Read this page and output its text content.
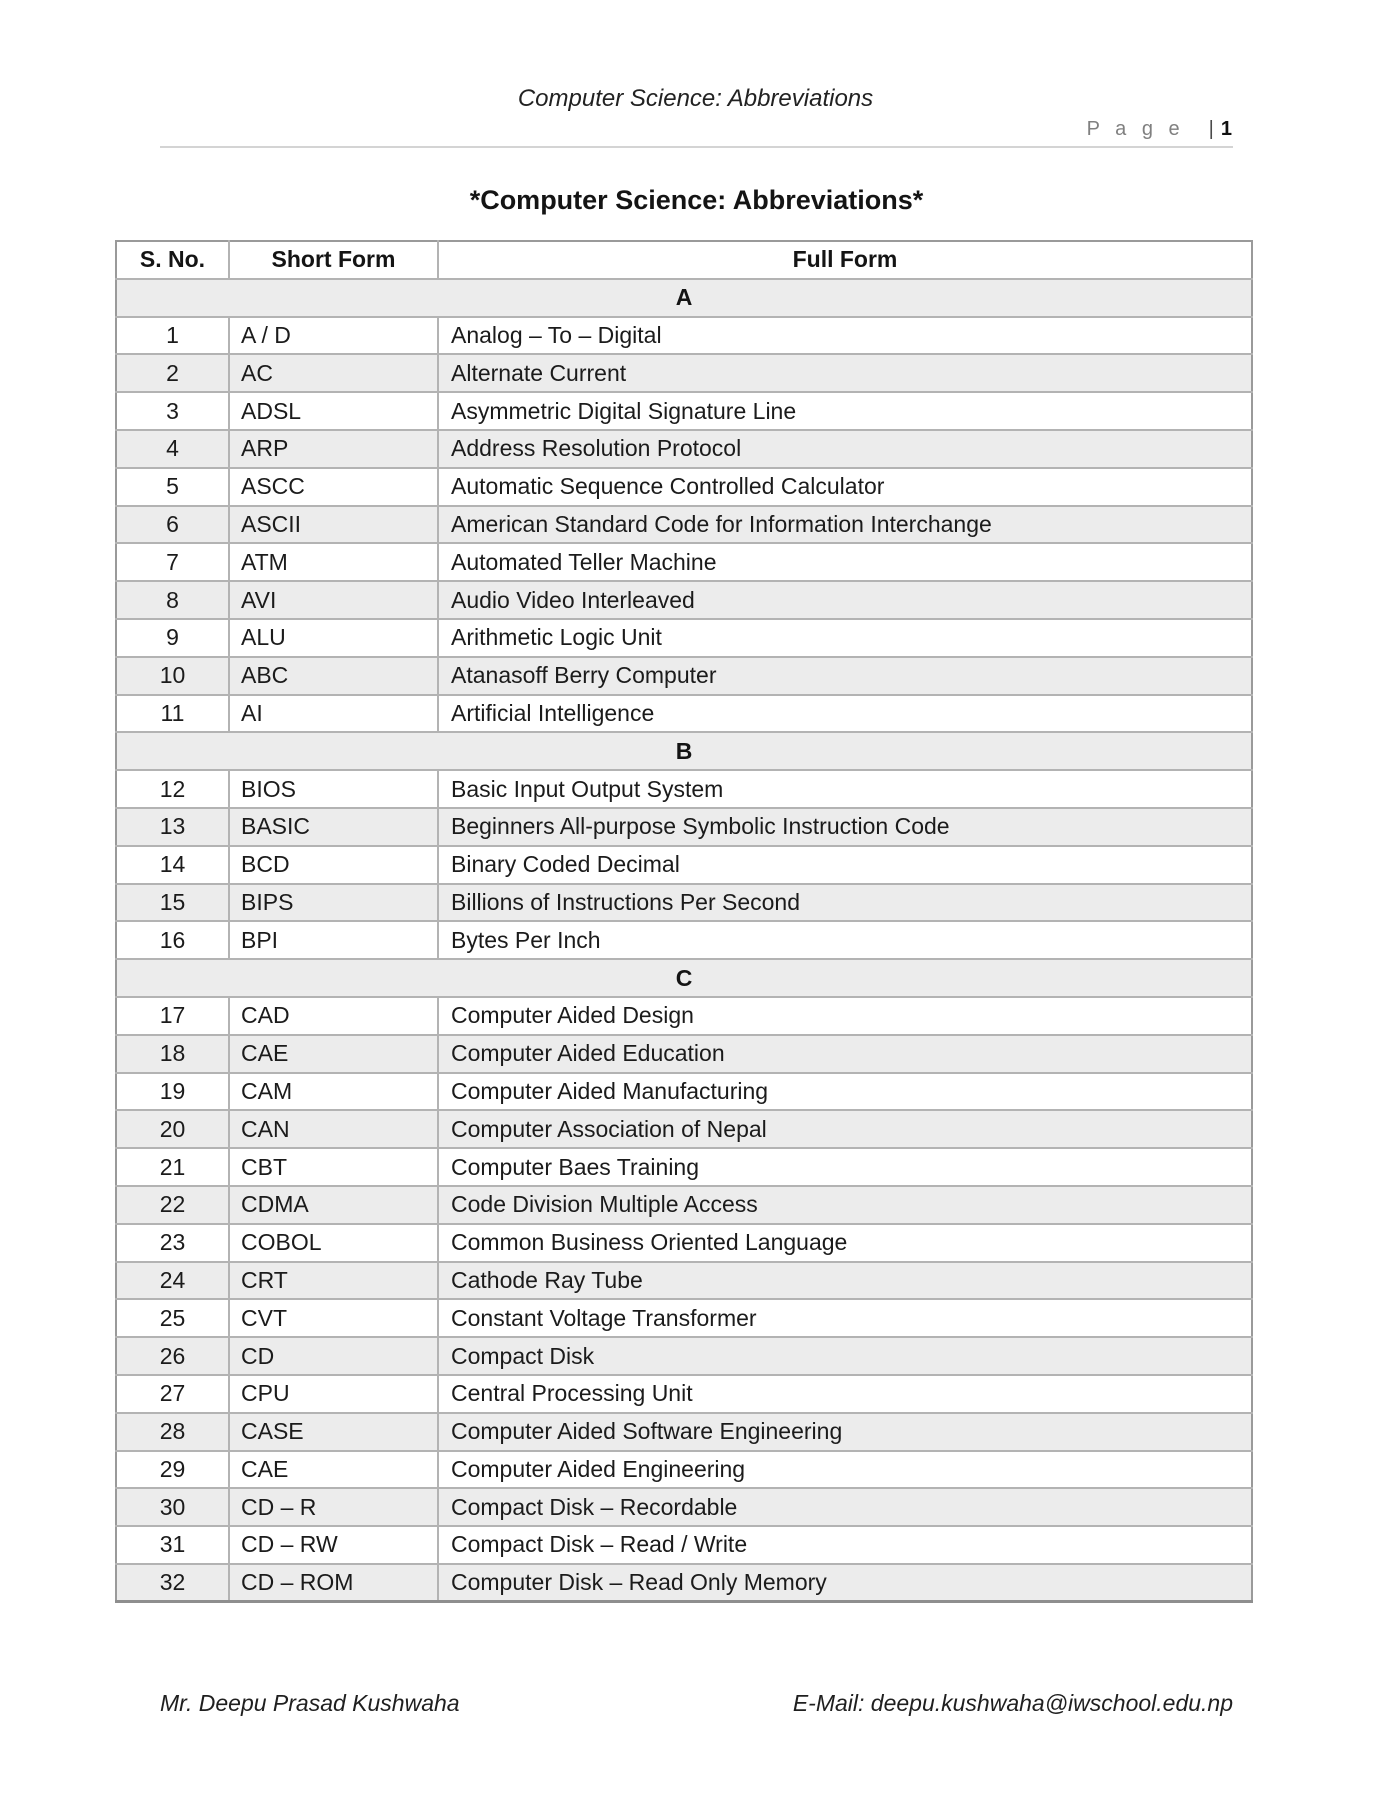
Computer Science: Abbreviations
P a g e | 1
*Computer Science: Abbreviations*
S. No.	Short Form	Full Form
A		
1	A / D	Analog – To – Digital
2	AC	Alternate Current
3	ADSL	Asymmetric Digital Signature Line
4	ARP	Address Resolution Protocol
5	ASCC	Automatic Sequence Controlled Calculator
6	ASCII	American Standard Code for Information Interchange
7	ATM	Automated Teller Machine
8	AVI	Audio Video Interleaved
9	ALU	Arithmetic Logic Unit
10	ABC	Atanasoff Berry Computer
11	AI	Artificial Intelligence
B		
12	BIOS	Basic Input Output System
13	BASIC	Beginners All-purpose Symbolic Instruction Code
14	BCD	Binary Coded Decimal
15	BIPS	Billions of Instructions Per Second
16	BPI	Bytes Per Inch
C		
17	CAD	Computer Aided Design
18	CAE	Computer Aided Education
19	CAM	Computer Aided Manufacturing
20	CAN	Computer Association of Nepal
21	CBT	Computer Baes Training
22	CDMA	Code Division Multiple Access
23	COBOL	Common Business Oriented Language
24	CRT	Cathode Ray Tube
25	CVT	Constant Voltage Transformer
26	CD	Compact Disk
27	CPU	Central Processing Unit
28	CASE	Computer Aided Software Engineering
29	CAE	Computer Aided Engineering
30	CD – R	Compact Disk – Recordable
31	CD – RW	Compact Disk – Read / Write
32	CD – ROM	Computer Disk – Read Only Memory
Mr. Deepu Prasad Kushwaha	E-Mail: deepu.kushwaha@iwschool.edu.np
